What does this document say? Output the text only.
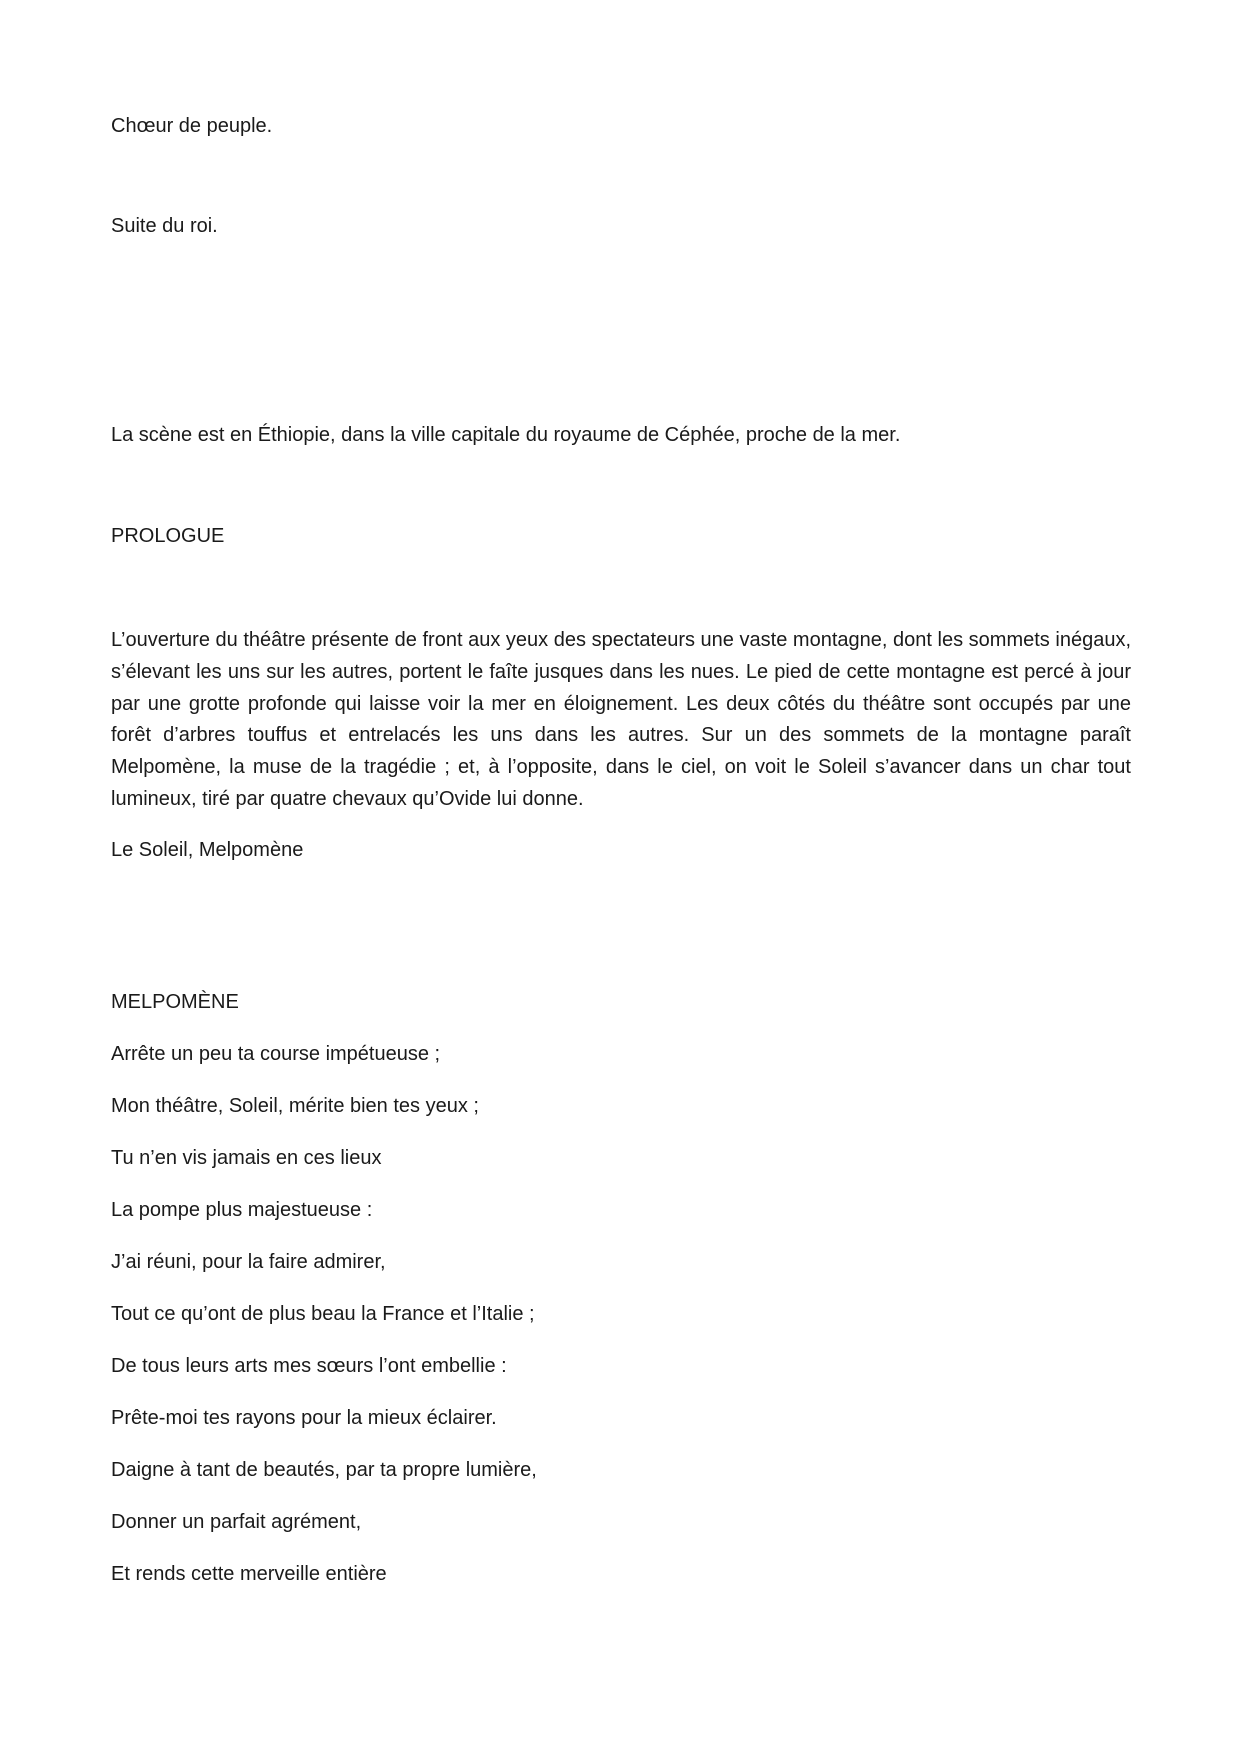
Chœur de peuple.
Suite du roi.
La scène est en Éthiopie, dans la ville capitale du royaume de Céphée, proche de la mer.
PROLOGUE
L’ouverture du théâtre présente de front aux yeux des spectateurs une vaste montagne, dont les sommets inégaux, s’élevant les uns sur les autres, portent le faîte jusques dans les nues. Le pied de cette montagne est percé à jour par une grotte profonde qui laisse voir la mer en éloignement. Les deux côtés du théâtre sont occupés par une forêt d’arbres touffus et entrelacés les uns dans les autres. Sur un des sommets de la montagne paraît Melpomène, la muse de la tragédie ; et, à l’opposite, dans le ciel, on voit le Soleil s’avancer dans un char tout lumineux, tiré par quatre chevaux qu’Ovide lui donne.
Le Soleil, Melpomène
MELPOMÈNE
Arrête un peu ta course impétueuse ;
Mon théâtre, Soleil, mérite bien tes yeux ;
Tu n’en vis jamais en ces lieux
La pompe plus majestueuse :
J’ai réuni, pour la faire admirer,
Tout ce qu’ont de plus beau la France et l’Italie ;
De tous leurs arts mes sœurs l’ont embellie :
Prête‑moi tes rayons pour la mieux éclairer.
Daigne à tant de beautés, par ta propre lumière,
Donner un parfait agrément,
Et rends cette merveille entière
